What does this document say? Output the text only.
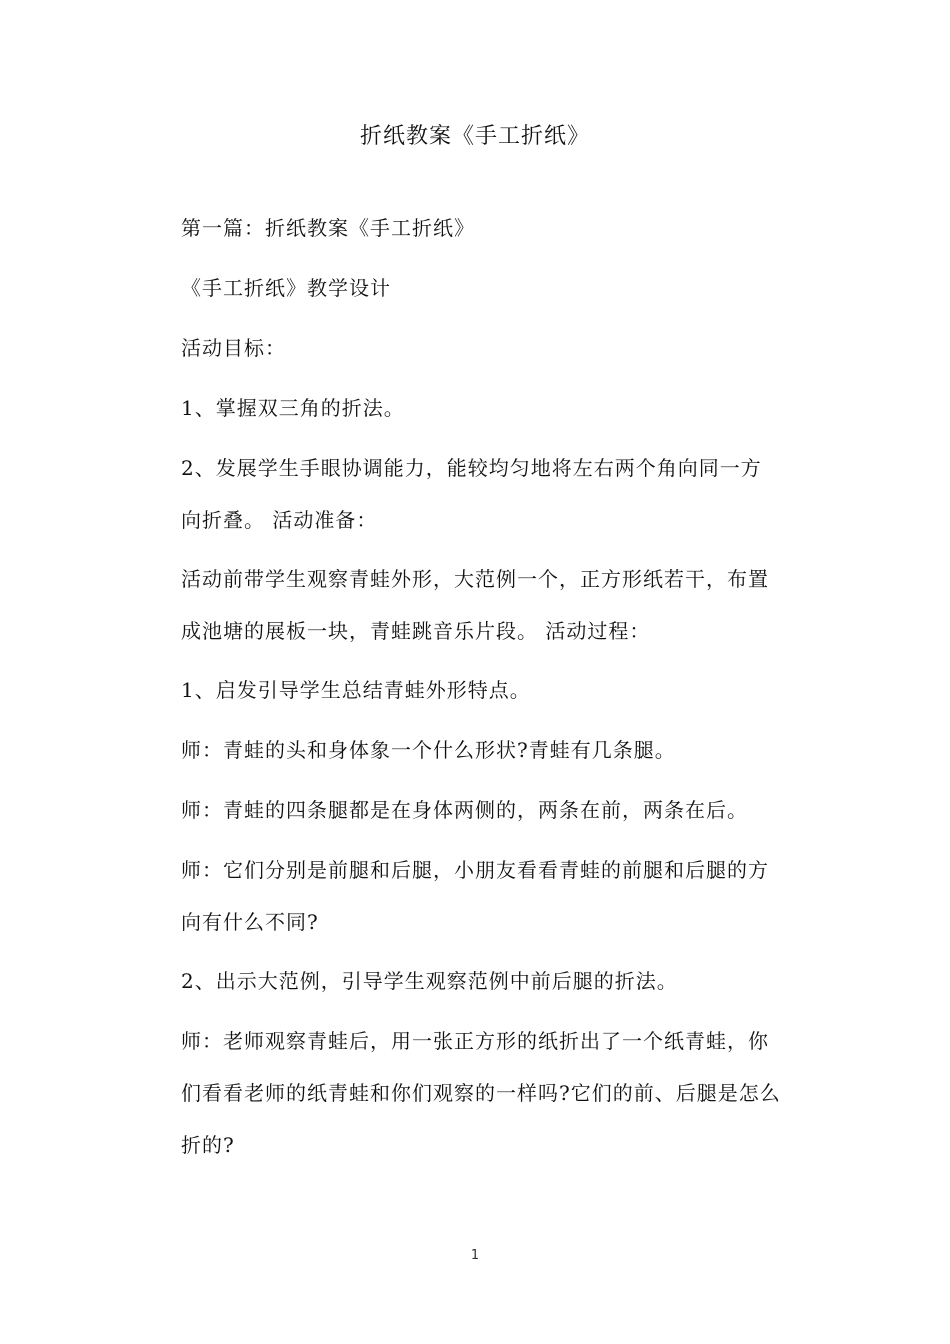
折纸教案《手工折纸》

第一篇：折纸教案《手工折纸》

《手工折纸》教学设计

活动目标：

1、掌握双三角的折法。

2、发展学生手眼协调能力，能较均匀地将左右两个角向同一方向折叠。 活动准备：

活动前带学生观察青蛙外形，大范例一个，正方形纸若干，布置成池塘的展板一块，青蛙跳音乐片段。 活动过程：

1、启发引导学生总结青蛙外形特点。

师：青蛙的头和身体象一个什么形状?青蛙有几条腿。

师：青蛙的四条腿都是在身体两侧的，两条在前，两条在后。

师：它们分别是前腿和后腿，小朋友看看青蛙的前腿和后腿的方向有什么不同?

2、出示大范例，引导学生观察范例中前后腿的折法。

师：老师观察青蛙后，用一张正方形的纸折出了一个纸青蛙，你们看看老师的纸青蛙和你们观察的一样吗?它们的前、后腿是怎么折的?

1
